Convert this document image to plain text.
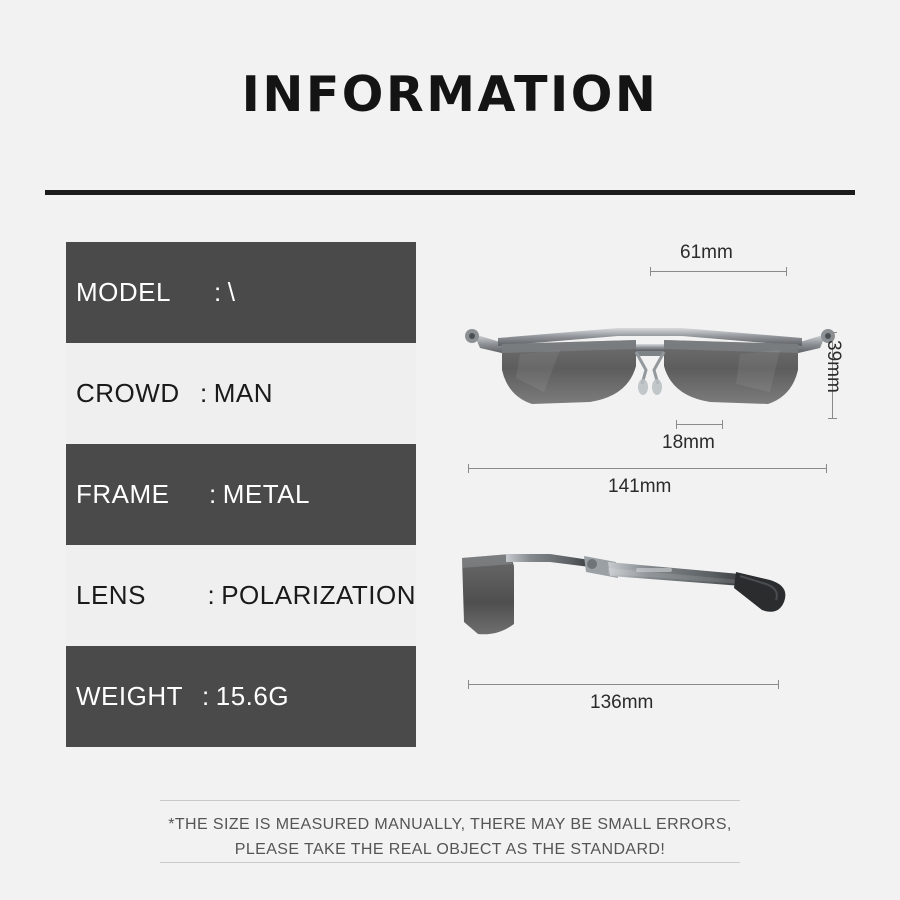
INFORMATION
MODEL	: \
CROWD : MAN
FRAME	: METAL
LENS	: POLARIZATION
WEIGHT : 15.6G
61mm
39mm
18mm
141mm
136mm
*THE SIZE IS MEASURED MANUALLY, THERE MAY BE SMALL ERRORS,
PLEASE TAKE THE REAL OBJECT AS THE STANDARD!
